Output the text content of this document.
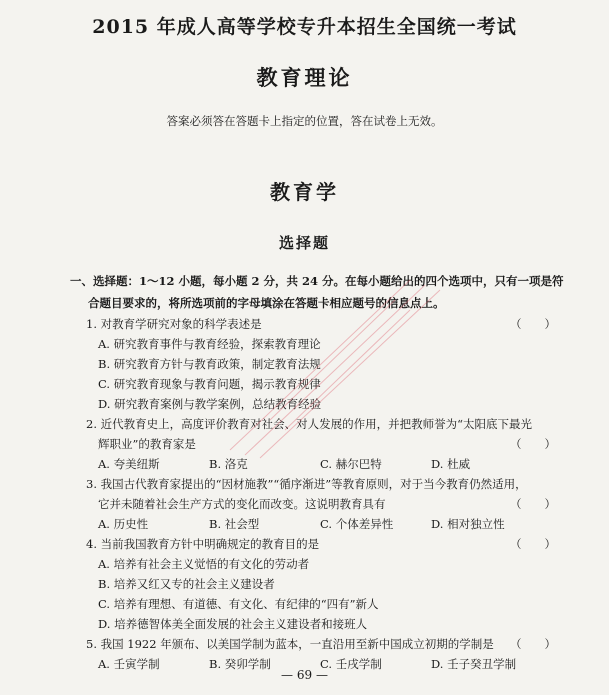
2015 年成人高等学校专升本招生全国统一考试
教育理论
答案必须答在答题卡上指定的位置，答在试卷上无效。
教育学
选择题
一、选择题：1～12 小题，每小题 2 分，共 24 分。在每小题给出的四个选项中，只有一项是符
合题目要求的，将所选项前的字母填涂在答题卡相应题号的信息点上。
1. 对教育学研究对象的科学表述是	（　　）
A. 研究教育事件与教育经验，探索教育理论
B. 研究教育方针与教育政策，制定教育法规
C. 研究教育现象与教育问题，揭示教育规律
D. 研究教育案例与教学案例，总结教育经验
2. 近代教育史上，高度评价教育对社会、对人发展的作用，并把教师誉为“太阳底下最光
辉职业”的教育家是	（　　）
A. 夸美纽斯	B. 洛克	C. 赫尔巴特	D. 杜威
3. 我国古代教育家提出的“因材施教”“循序渐进”等教育原则，对于当今教育仍然适用，
它并未随着社会生产方式的变化而改变。这说明教育具有	（　　）
A. 历史性	B. 社会型	C. 个体差异性	D. 相对独立性
4. 当前我国教育方针中明确规定的教育目的是	（　　）
A. 培养有社会主义觉悟的有文化的劳动者
B. 培养又红又专的社会主义建设者
C. 培养有理想、有道德、有文化、有纪律的“四有”新人
D. 培养德智体美全面发展的社会主义建设者和接班人
5. 我国 1922 年颁布、以美国学制为蓝本，一直沿用至新中国成立初期的学制是 （　　）
A. 壬寅学制	B. 癸卯学制	C. 壬戌学制	D. 壬子癸丑学制
— 69 —
